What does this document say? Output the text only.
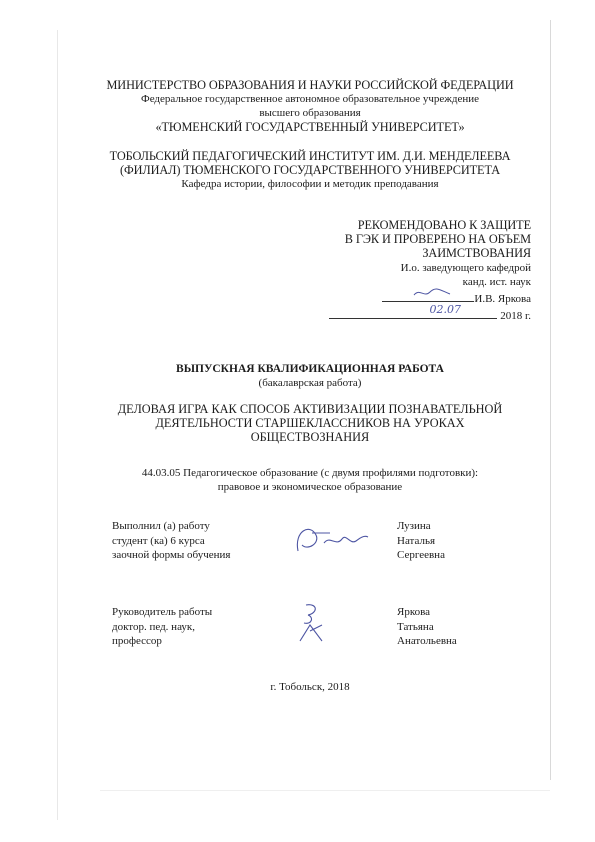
МИНИСТЕРСТВО ОБРАЗОВАНИЯ И НАУКИ РОССИЙСКОЙ ФЕДЕРАЦИИ
Федеральное государственное автономное образовательное учреждение
высшего образования
«ТЮМЕНСКИЙ ГОСУДАРСТВЕННЫЙ УНИВЕРСИТЕТ»
ТОБОЛЬСКИЙ ПЕДАГОГИЧЕСКИЙ ИНСТИТУТ ИМ. Д.И. МЕНДЕЛЕЕВА
(ФИЛИАЛ) ТЮМЕНСКОГО ГОСУДАРСТВЕННОГО УНИВЕРСИТЕТА
Кафедра истории, философии и методик преподавания
РЕКОМЕНДОВАНО К ЗАЩИТЕ
В ГЭК И ПРОВЕРЕНО НА ОБЪЕМ
ЗАИМСТВОВАНИЯ
И.о. заведующего кафедрой
канд. ист. наук
И.В. Яркова
02.07	2018 г.
ВЫПУСКНАЯ КВАЛИФИКАЦИОННАЯ РАБОТА
(бакалаврская работа)
ДЕЛОВАЯ ИГРА КАК СПОСОБ АКТИВИЗАЦИИ ПОЗНАВАТЕЛЬНОЙ
ДЕЯТЕЛЬНОСТИ СТАРШЕКЛАССНИКОВ НА УРОКАХ
ОБЩЕСТВОЗНАНИЯ
44.03.05 Педагогическое образование (с двумя профилями подготовки):
правовое и экономическое образование
Выполнил (а) работу
студент (ка) 6 курса
заочной формы обучения
Лузина
Наталья
Сергеевна
Руководитель работы
доктор. пед. наук,
профессор
Яркова
Татьяна
Анатольевна
г. Тобольск, 2018
